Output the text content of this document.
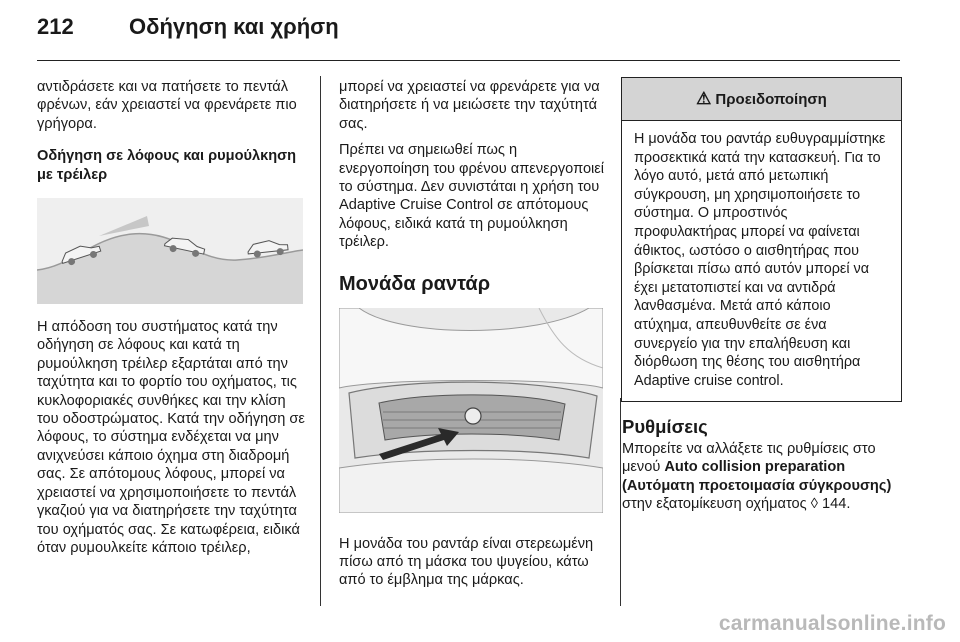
212	Οδήγηση και χρήση

αντιδράσετε και να πατήσετε το πεντάλ φρένων, εάν χρειαστεί να φρενάρετε πιο γρήγορα.

Οδήγηση σε λόφους και ρυμούλκηση με τρέιλερ

Η απόδοση του συστήματος κατά την οδήγηση σε λόφους και κατά τη ρυμούλκηση τρέιλερ εξαρτάται από την ταχύτητα και το φορτίο του οχήματος, τις κυκλοφοριακές συνθήκες και την κλίση του οδοστρώματος. Κατά την οδήγηση σε λόφους, το σύστημα ενδέχεται να μην ανιχνεύσει κάποιο όχημα στη διαδρομή σας. Σε απότομους λόφους, μπορεί να χρειαστεί να χρησιμοποιήσετε το πεντάλ γκαζιού για να διατηρήσετε την ταχύτητα του οχήματός σας. Σε κατωφέρεια, ειδικά όταν ρυμουλκείτε κάποιο τρέιλερ,

μπορεί να χρειαστεί να φρενάρετε για να διατηρήσετε ή να μειώσετε την ταχύτητά σας.

Πρέπει να σημειωθεί πως η ενεργοποίηση του φρένου απενεργοποιεί το σύστημα. Δεν συνιστάται η χρήση του Adaptive Cruise Control σε απότομους λόφους, ειδικά κατά τη ρυμούλκηση τρέιλερ.

Μονάδα ραντάρ

Η μονάδα του ραντάρ είναι στερεωμένη πίσω από τη μάσκα του ψυγείου, κάτω από το έμβλημα της μάρκας.

⚠ Προειδοποίηση
Η μονάδα του ραντάρ ευθυγραμμίστηκε προσεκτικά κατά την κατασκευή. Για το λόγο αυτό, μετά από μετωπική σύγκρουση, μη χρησιμοποιήσετε το σύστημα. Ο μπροστινός προφυλακτήρας μπορεί να φαίνεται άθικτος, ωστόσο ο αισθητήρας που βρίσκεται πίσω από αυτόν μπορεί να έχει μετατοπιστεί και να αντιδρά λανθασμένα. Μετά από κάποιο ατύχημα, απευθυνθείτε σε ένα συνεργείο για την επαλήθευση και διόρθωση της θέσης του αισθητήρα Adaptive cruise control.

Ρυθμίσεις

Μπορείτε να αλλάξετε τις ρυθμίσεις στο μενού Auto collision preparation (Αυτόματη προετοιμασία σύγκρουσης) στην εξατομίκευση οχήματος ◊ 144.

carmanualsonline.info
